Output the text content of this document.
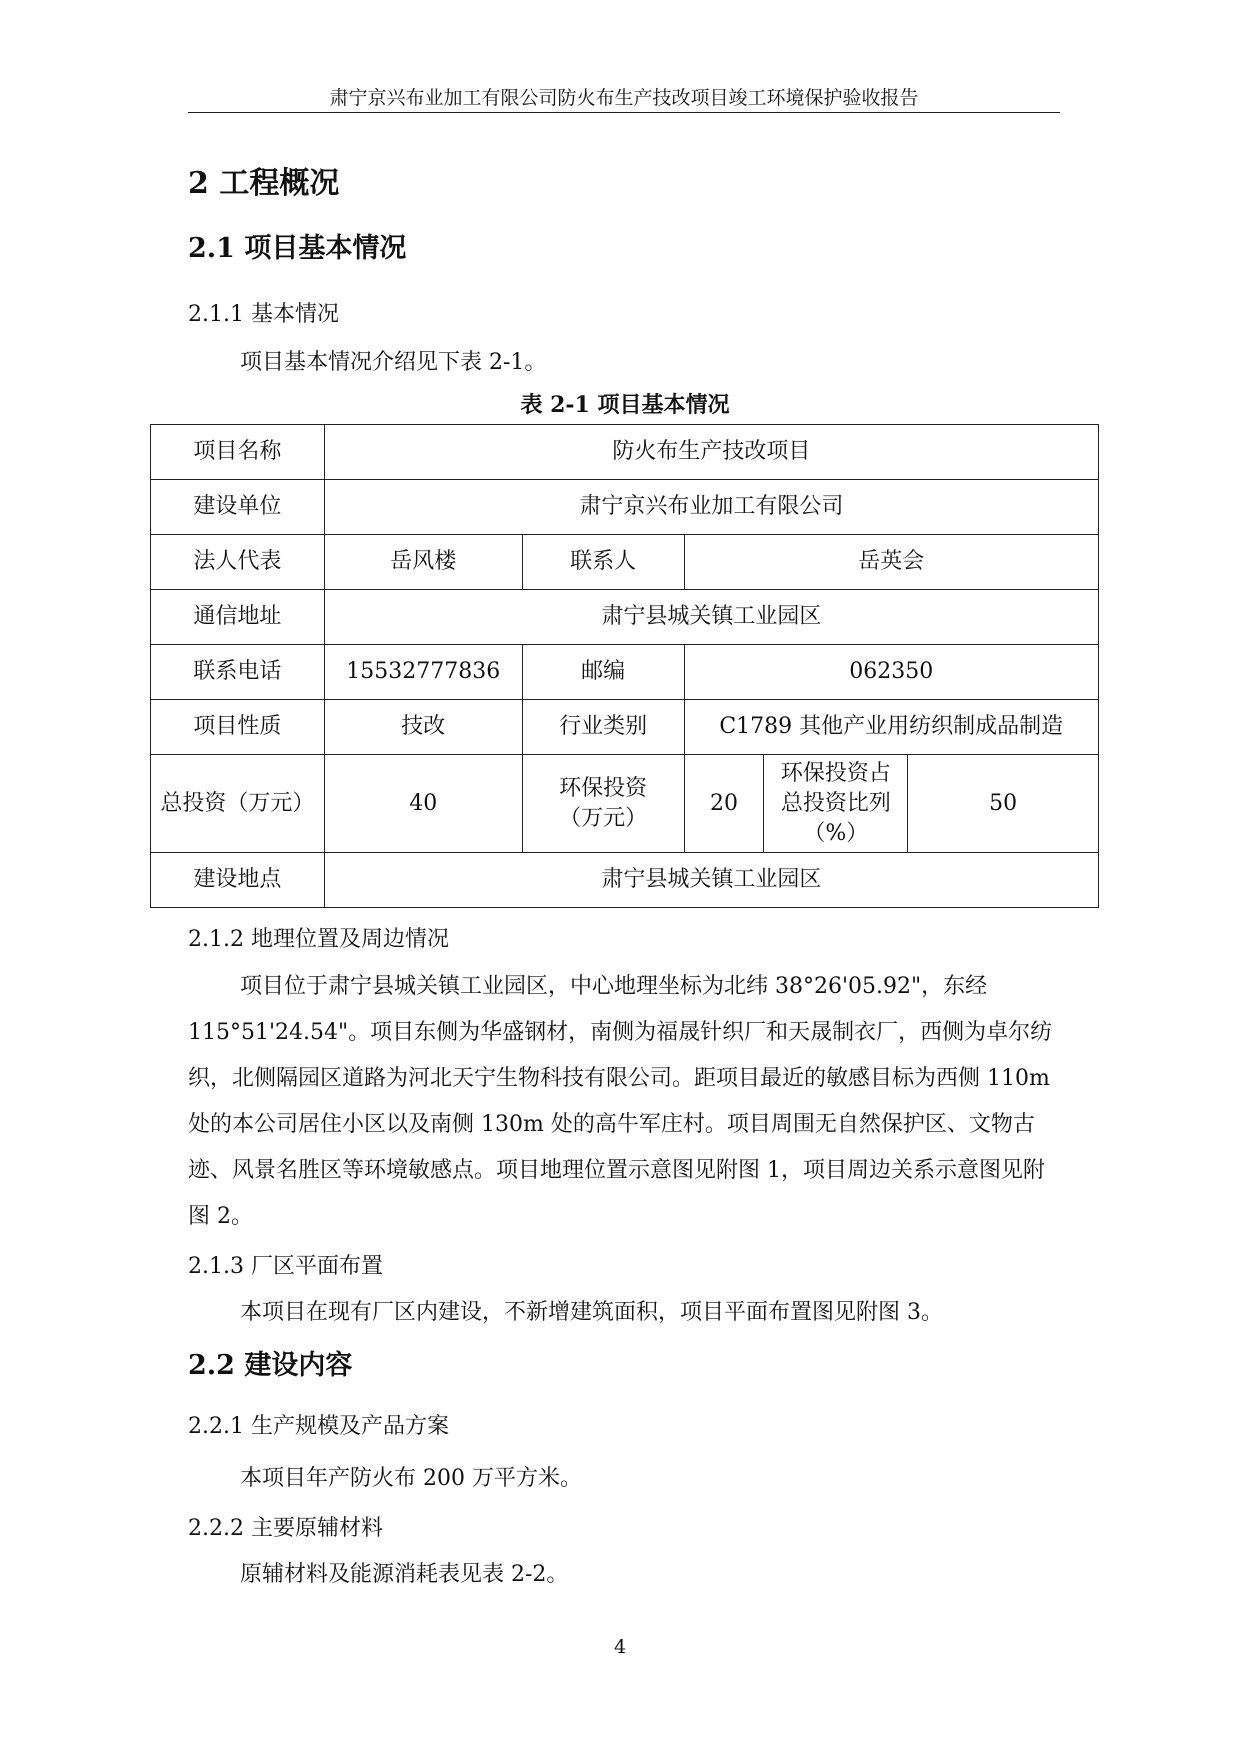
肃宁京兴布业加工有限公司防火布生产技改项目竣工环境保护验收报告
2 工程概况
2.1 项目基本情况
2.1.1 基本情况
项目基本情况介绍见下表 2-1。
表 2-1 项目基本情况
项目名称	防火布生产技改项目				
建设单位	肃宁京兴布业加工有限公司				
法人代表	岳风楼	联系人	岳英会		
通信地址	肃宁县城关镇工业园区				
联系电话	15532777836	邮编	062350		
项目性质	技改	行业类别	C1789 其他产业用纺织制成品制造		
总投资（万元）	40	环保投资（万元）	20	环保投资占总投资比列（%）	50
建设地点	肃宁县城关镇工业园区				
2.1.2 地理位置及周边情况
项目位于肃宁县城关镇工业园区，中心地理坐标为北纬 38°26'05.92"，东经 115°51'24.54"。项目东侧为华盛钢材，南侧为福晟针织厂和天晟制衣厂，西侧为卓尔纺织，北侧隔园区道路为河北天宁生物科技有限公司。距项目最近的敏感目标为西侧 110m 处的本公司居住小区以及南侧 130m 处的高牛军庄村。项目周围无自然保护区、文物古迹、风景名胜区等环境敏感点。项目地理位置示意图见附图 1，项目周边关系示意图见附图 2。
2.1.3 厂区平面布置
本项目在现有厂区内建设，不新增建筑面积，项目平面布置图见附图 3。
2.2 建设内容
2.2.1 生产规模及产品方案
本项目年产防火布 200 万平方米。
2.2.2 主要原辅材料
原辅材料及能源消耗表见表 2-2。
4
